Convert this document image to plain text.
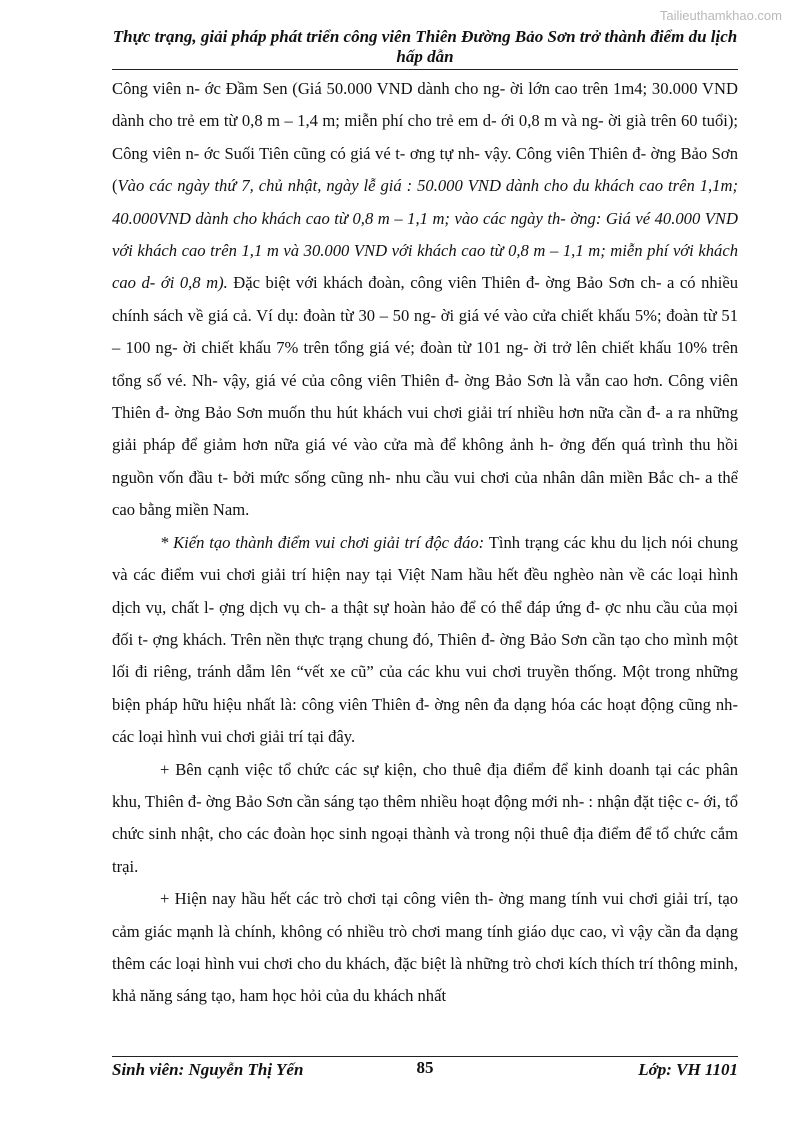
Tailieuthamkhao.com
Thực trạng, giải pháp phát triển công viên Thiên Đường Bảo Sơn trở thành điểm du lịch hấp dẫn

Công viên n- ớc Đầm Sen (Giá 50.000 VND dành cho ng- ời lớn cao trên 1m4; 30.000 VND dành cho trẻ em từ 0,8 m – 1,4 m; miễn phí cho trẻ em d- ới 0,8 m và ng- ời già trên 60 tuổi); Công viên n- ớc Suối Tiên cũng có giá vé t- ơng tự nh- vậy. Công viên Thiên đ- ờng Bảo Sơn (Vào các ngày thứ 7, chủ nhật, ngày lễ giá : 50.000 VND dành cho du khách cao trên 1,1m; 40.000VND dành cho khách cao từ 0,8 m – 1,1 m; vào các ngày th- ờng: Giá vé 40.000 VND với khách cao trên 1,1 m và 30.000 VND với khách cao từ 0,8 m – 1,1 m; miễn phí với khách cao d- ới 0,8 m). Đặc biệt với khách đoàn, công viên Thiên đ- ờng Bảo Sơn ch- a có nhiều chính sách về giá cả. Ví dụ: đoàn từ 30 – 50 ng- ời giá vé vào cửa chiết khấu 5%; đoàn từ 51 – 100 ng- ời chiết khấu 7% trên tổng giá vé; đoàn từ 101 ng- ời trở lên chiết khấu 10% trên tổng số vé. Nh- vậy, giá vé của công viên Thiên đ- ờng Bảo Sơn là vẫn cao hơn. Công viên Thiên đ- ờng Bảo Sơn muốn thu hút khách vui chơi giải trí nhiều hơn nữa cần đ- a ra những giải pháp để giảm hơn nữa giá vé vào cửa mà để không ảnh h- ởng đến quá trình thu hồi nguồn vốn đầu t- bởi mức sống cũng nh- nhu cầu vui chơi của nhân dân miền Bắc ch- a thể cao bằng miền Nam.

* Kiến tạo thành điểm vui chơi giải trí độc đáo: Tình trạng các khu du lịch nói chung và các điểm vui chơi giải trí hiện nay tại Việt Nam hầu hết đều nghèo nàn về các loại hình dịch vụ, chất l- ợng dịch vụ ch- a thật sự hoàn hảo để có thể đáp ứng đ- ợc nhu cầu của mọi đối t- ợng khách. Trên nền thực trạng chung đó, Thiên đ- ờng Bảo Sơn cần tạo cho mình một lối đi riêng, tránh dẫm lên “vết xe cũ” của các khu vui chơi truyền thống. Một trong những biện pháp hữu hiệu nhất là: công viên Thiên đ- ờng nên đa dạng hóa các hoạt động cũng nh- các loại hình vui chơi giải trí tại đây.

+ Bên cạnh việc tổ chức các sự kiện, cho thuê địa điểm để kinh doanh tại các phân khu, Thiên đ- ờng Bảo Sơn cần sáng tạo thêm nhiều hoạt động mới nh- : nhận đặt tiệc c- ới, tổ chức sinh nhật, cho các đoàn học sinh ngoại thành và trong nội thuê địa điểm để tổ chức cắm trại.

+ Hiện nay hầu hết các trò chơi tại công viên th- ờng mang tính vui chơi giải trí, tạo cảm giác mạnh là chính, không có nhiều trò chơi mang tính giáo dục cao, vì vậy cần đa dạng thêm các loại hình vui chơi cho du khách, đặc biệt là những trò chơi kích thích trí thông minh, khả năng sáng tạo, ham học hỏi của du khách nhất

Sinh viên: Nguyễn Thị Yến	85	Lớp: VH 1101
